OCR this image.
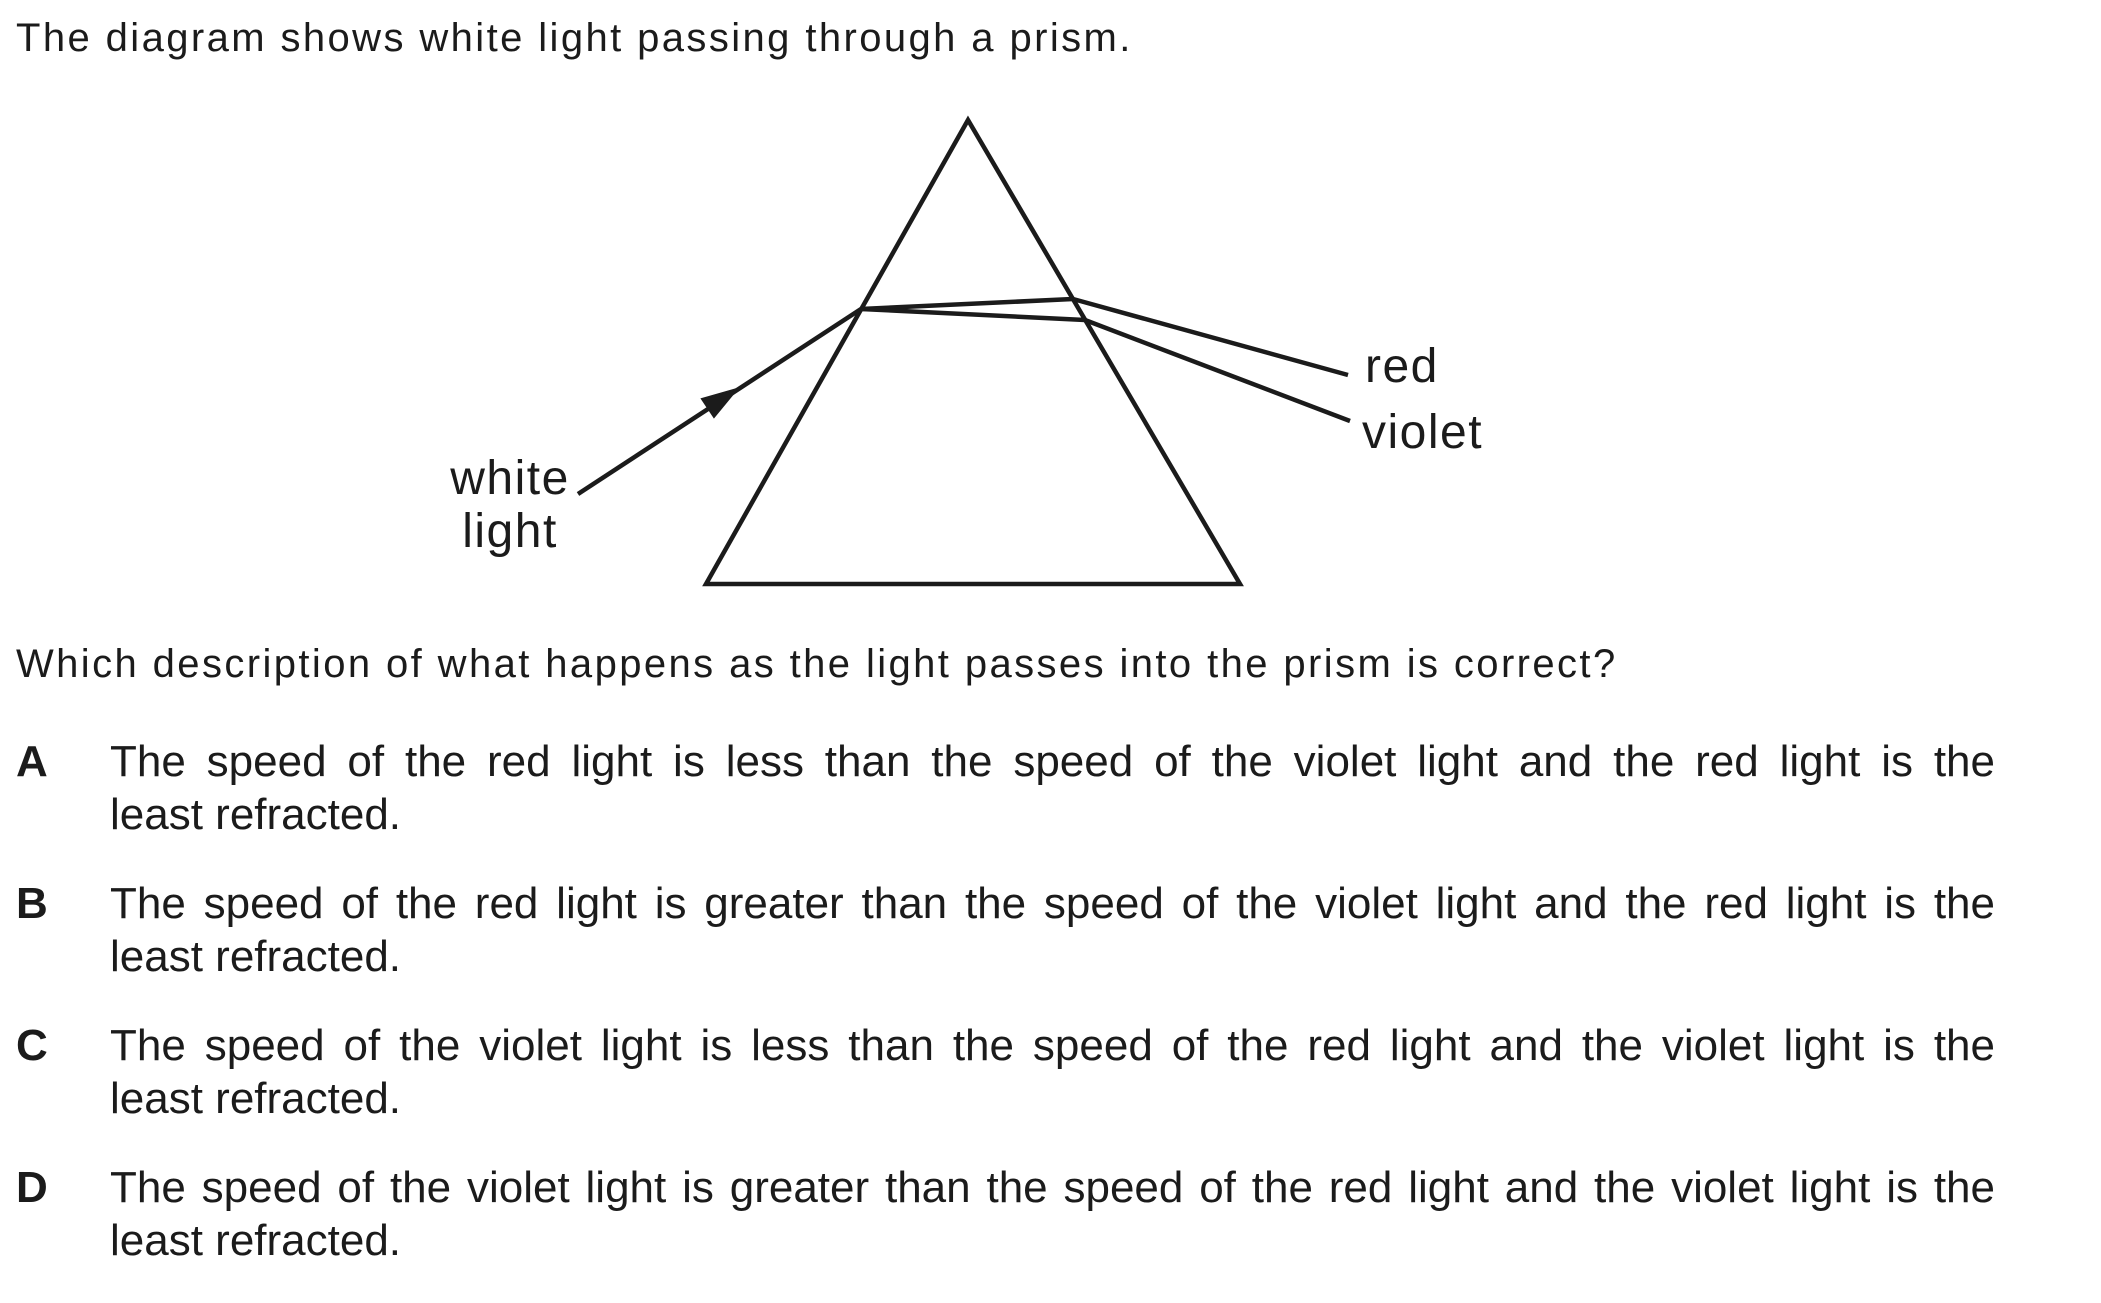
The diagram shows white light passing through a prism.
white
light
red
violet
Which description of what happens as the light passes into the prism is correct?
A	The speed of the red light is less than the speed of the violet light and the red light is the
least refracted.
B	The speed of the red light is greater than the speed of the violet light and the red light is the
least refracted.
C	The speed of the violet light is less than the speed of the red light and the violet light is the
least refracted.
D	The speed of the violet light is greater than the speed of the red light and the violet light is the
least refracted.
